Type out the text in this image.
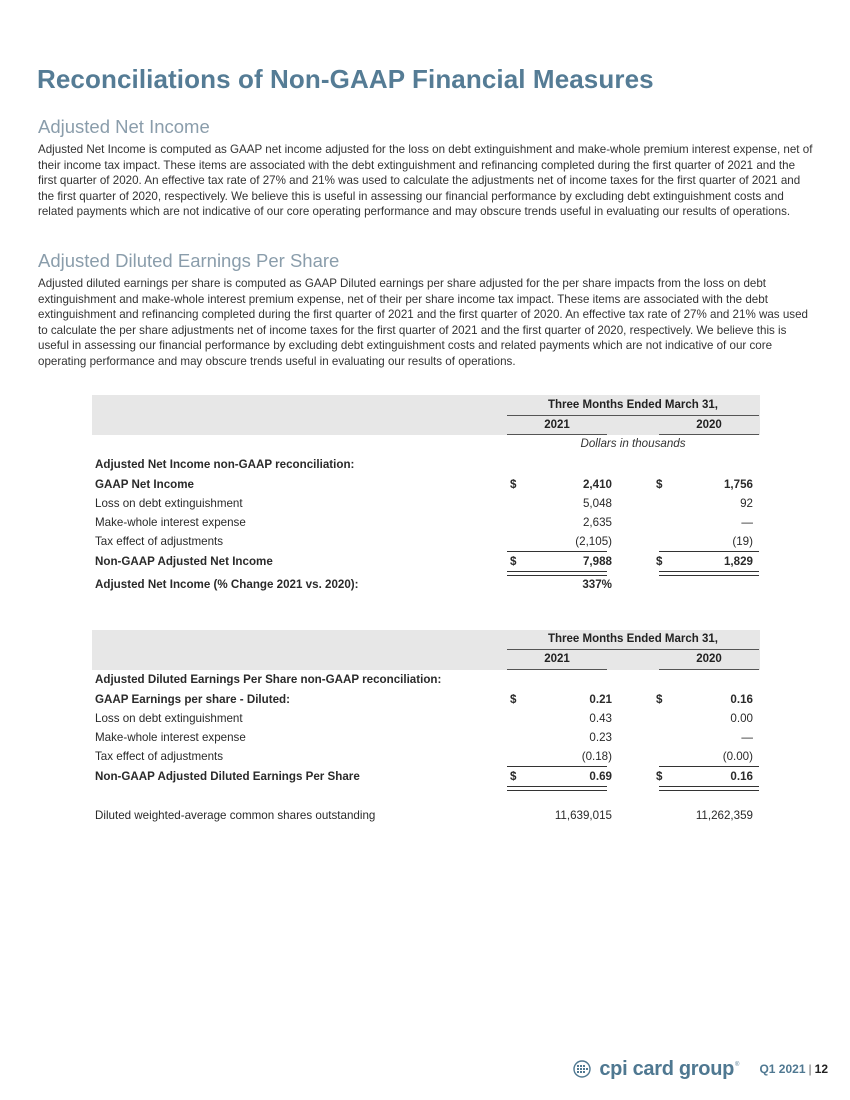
Reconciliations of Non-GAAP Financial Measures
Adjusted Net Income

Adjusted Net Income is computed as GAAP net income adjusted for the loss on debt extinguishment and make-whole premium interest expense, net of their income tax impact. These items are associated with the debt extinguishment and refinancing completed during the first quarter of 2021 and the first quarter of 2020. An effective tax rate of 27% and 21% was used to calculate the adjustments net of income taxes for the first quarter of 2021 and the first quarter of 2020, respectively. We believe this is useful in assessing our financial performance by excluding debt extinguishment costs and related payments which are not indicative of our core operating performance and may obscure trends useful in evaluating our results of operations.

Adjusted Diluted Earnings Per Share

Adjusted diluted earnings per share is computed as GAAP Diluted earnings per share adjusted for the per share impacts from the loss on debt extinguishment and make-whole interest premium expense, net of their per share income tax impact. These items are associated with the debt extinguishment and refinancing completed during the first quarter of 2021 and the first quarter of 2020. An effective tax rate of 27% and 21% was used to calculate the per share adjustments net of income taxes for the first quarter of 2021 and the first quarter of 2020, respectively. We believe this is useful in assessing our financial performance by excluding debt extinguishment costs and related payments which are not indicative of our core operating performance and may obscure trends useful in evaluating our results of operations.

Three Months Ended March 31,
2021	2020
Dollars in thousands
Adjusted Net Income non-GAAP reconciliation:
GAAP Net Income	$	2,410	$	1,756
Loss on debt extinguishment	5,048	92
Make-whole interest expense	2,635	—
Tax effect of adjustments	(2,105)	(19)
Non-GAAP Adjusted Net Income	$	7,988	$	1,829
Adjusted Net Income (% Change 2021 vs. 2020):	337%
Three Months Ended March 31,
2021	2020
Adjusted Diluted Earnings Per Share non-GAAP reconciliation:
GAAP Earnings per share - Diluted:	$	0.21	$	0.16
Loss on debt extinguishment	0.43	0.00
Make-whole interest expense	0.23	—
Tax effect of adjustments	(0.18)	(0.00)
Non-GAAP Adjusted Diluted Earnings Per Share	$	0.69	$	0.16
Diluted weighted-average common shares outstanding	11,639,015	11,262,359
cpi card group ® Q1 2021 | 12
